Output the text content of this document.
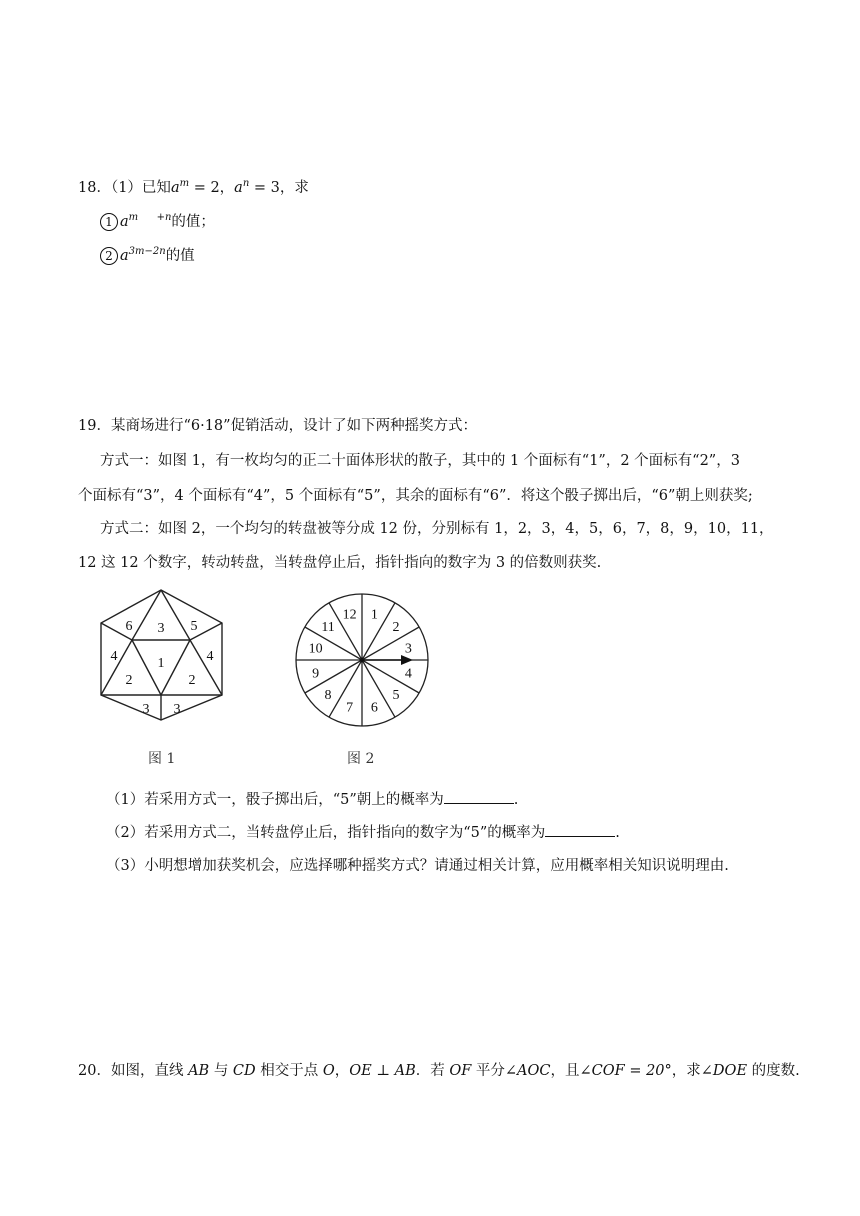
18．（1）已知$a^m = 2$，$a^n = 3$，求
1 $a^m$ $^{+n}$的值；
2 $a^{3m-2n}$的值
19．某商场进行“6·18”促销活动，设计了如下两种摇奖方式：
方式一：如图 1，有一枚均匀的正二十面体形状的散子，其中的 1 个面标有“1”，2 个面标有“2”，3
个面标有“3”，4 个面标有“4”，5 个面标有“5”，其余的面标有“6”．将这个骰子掷出后，“6”朝上则获奖;
方式二：如图 2，一个均匀的转盘被等分成 12 份，分别标有 1，2，3，4，5，6，7，8，9，10，11，
12 这 12 个数字，转动转盘，当转盘停止后，指针指向的数字为 3 的倍数则获奖.
6 3 5
4	1	4
2	2
3 3
图 1
1
2
3
4
5
6
7
8
9
10
11
12
图 2
（1）若采用方式一，骰子掷出后，“5”朝上的概率为	.
（2）若采用方式二，当转盘停止后，指针指向的数字为“5”的概率为	.
（3）小明想增加获奖机会，应选择哪种摇奖方式？请通过相关计算，应用概率相关知识说明理由.
20．如图，直线 AB 与 CD 相交于点 O，OE ⊥ AB．若 OF 平分∠AOC，且∠COF = 20°，求∠DOE 的度数.
